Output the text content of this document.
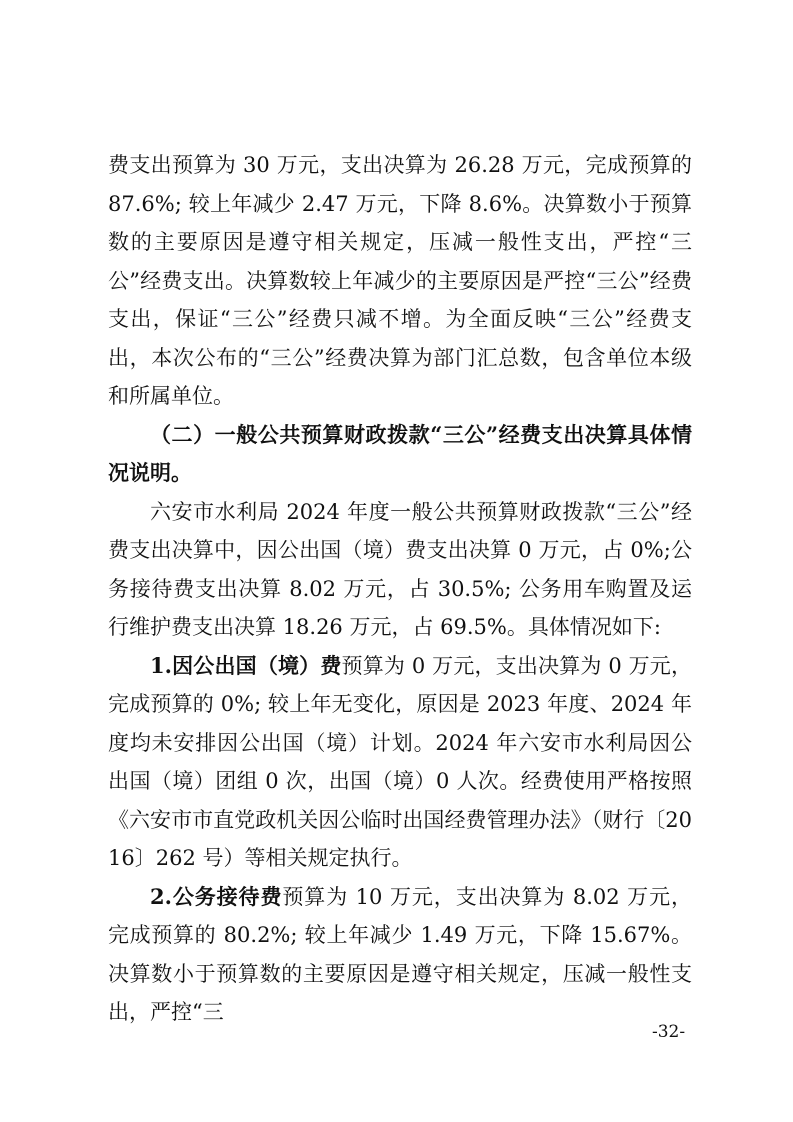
费支出预算为 30 万元，支出决算为 26.28 万元，完成预算的 87.6%; 较上年减少 2.47 万元，下降 8.6%。决算数小于预算数的主要原因是遵守相关规定，压减一般性支出，严控“三公”经费支出。决算数较上年减少的主要原因是严控“三公”经费支出，保证“三公”经费只减不增。为全面反映“三公”经费支出，本次公布的“三公”经费决算为部门汇总数，包含单位本级和所属单位。

（二）一般公共预算财政拨款“三公”经费支出决算具体情况说明。

六安市水利局 2024 年度一般公共预算财政拨款“三公”经费支出决算中，因公出国（境）费支出决算 0 万元，占 0%;公务接待费支出决算 8.02 万元，占 30.5%; 公务用车购置及运行维护费支出决算 18.26 万元，占 69.5%。具体情况如下:

1.因公出国（境）费预算为 0 万元，支出决算为 0 万元，完成预算的 0%; 较上年无变化，原因是 2023 年度、2024 年度均未安排因公出国（境）计划。2024 年六安市水利局因公出国（境）团组 0 次，出国（境）0 人次。经费使用严格按照《六安市市直党政机关因公临时出国经费管理办法》（财行〔2016〕262 号）等相关规定执行。

2.公务接待费预算为 10 万元，支出决算为 8.02 万元，完成预算的 80.2%; 较上年减少 1.49 万元，下降 15.67%。决算数小于预算数的主要原因是遵守相关规定，压减一般性支出，严控“三

-32-
